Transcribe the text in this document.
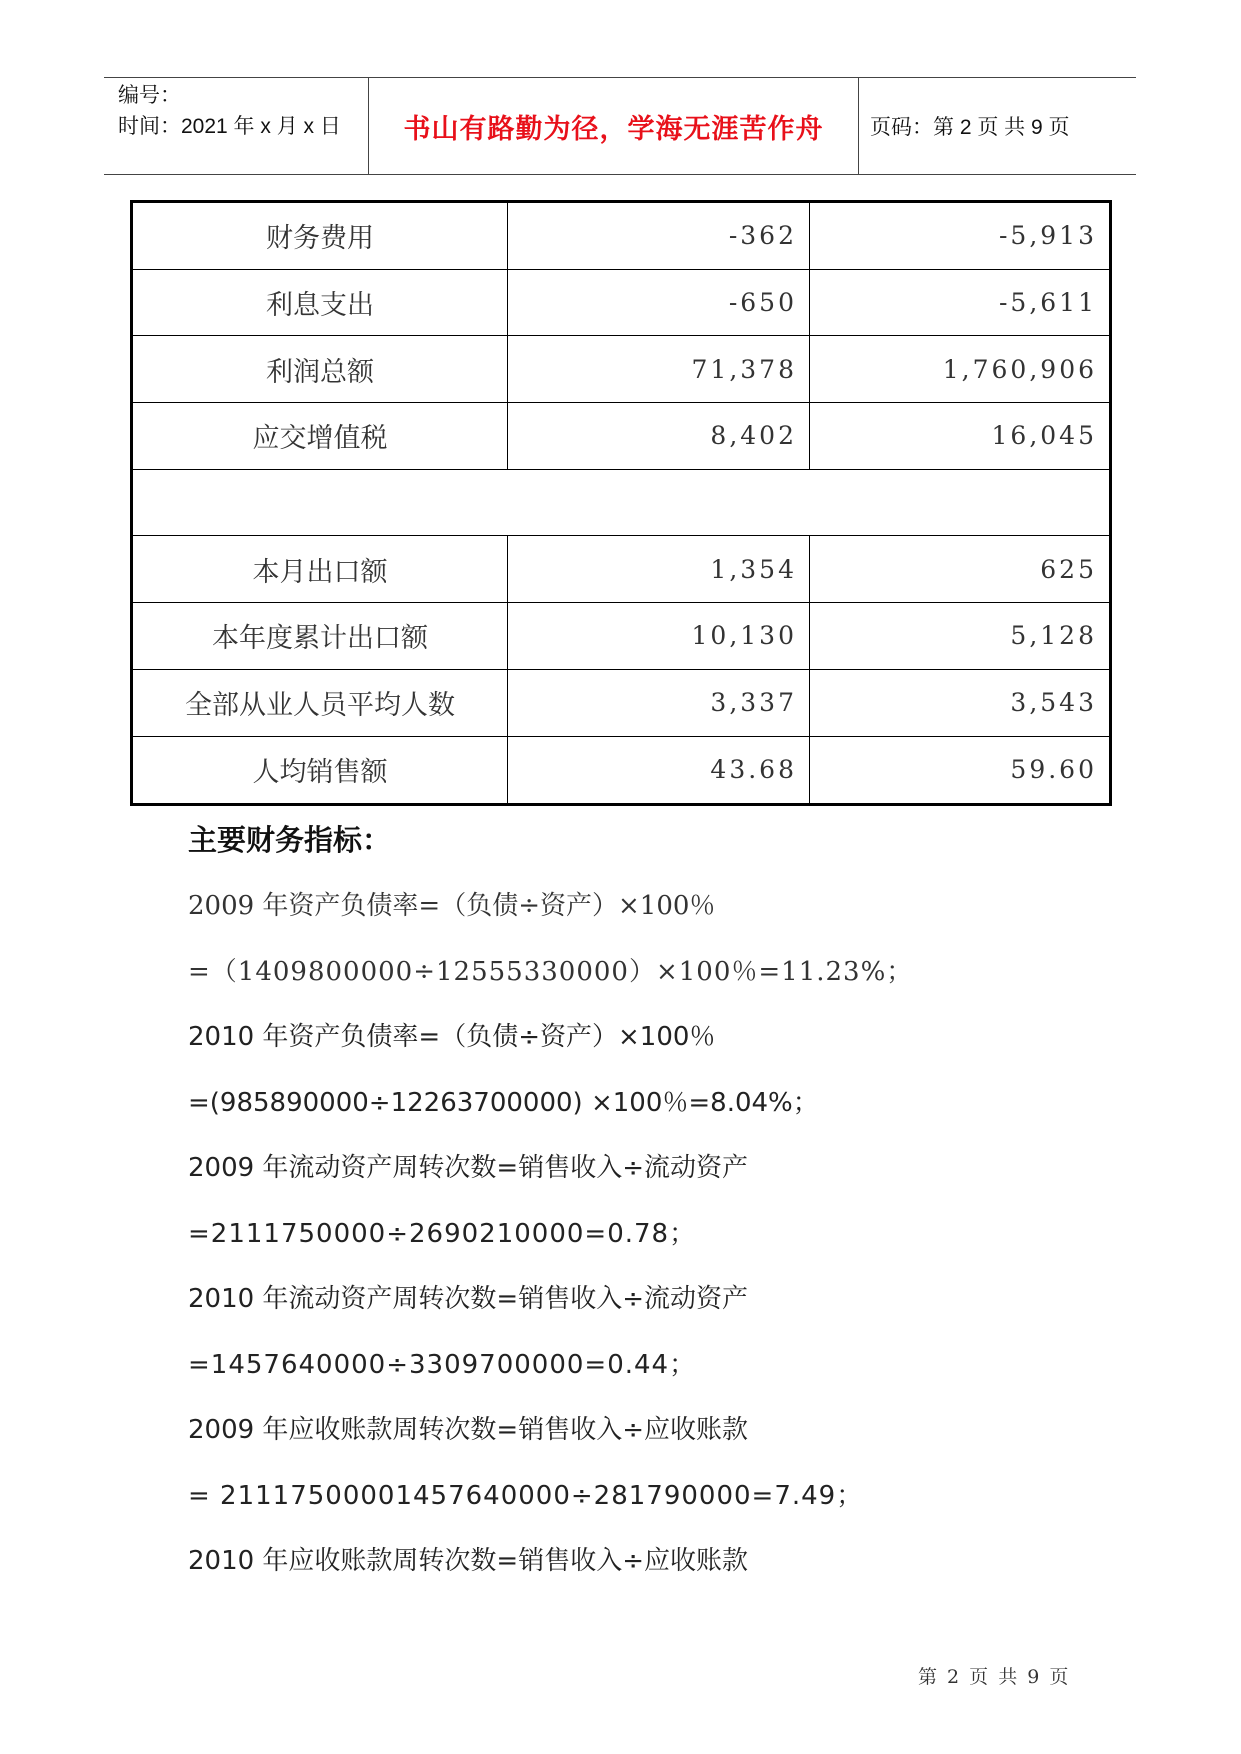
编号：
时间：2021 年 x 月 x 日	书山有路勤为径，学海无涯苦作舟	页码：第 2 页 共 9 页
财务费用	-362	-5,913
利息支出	-650	-5,611
利润总额	71,378	1,760,906
应交增值税	8,402	16,045
本月出口额	1,354	625
本年度累计出口额	10,130	5,128
全部从业人员平均人数	3,337	3,543
人均销售额	43.68	59.60
主要财务指标：
2009 年资产负债率=（负债÷资产）×100％
=（1409800000÷12555330000）×100％=11.23%；
2010 年资产负债率=（负债÷资产）×100％
=(985890000÷12263700000) ×100％=8.04%；
2009 年流动资产周转次数=销售收入÷流动资产
=2111750000÷2690210000=0.78；
2010 年流动资产周转次数=销售收入÷流动资产
=1457640000÷3309700000=0.44；
2009 年应收账款周转次数=销售收入÷应收账款
= 21117500001457640000÷281790000=7.49；
2010 年应收账款周转次数=销售收入÷应收账款
第 2 页 共 9 页
